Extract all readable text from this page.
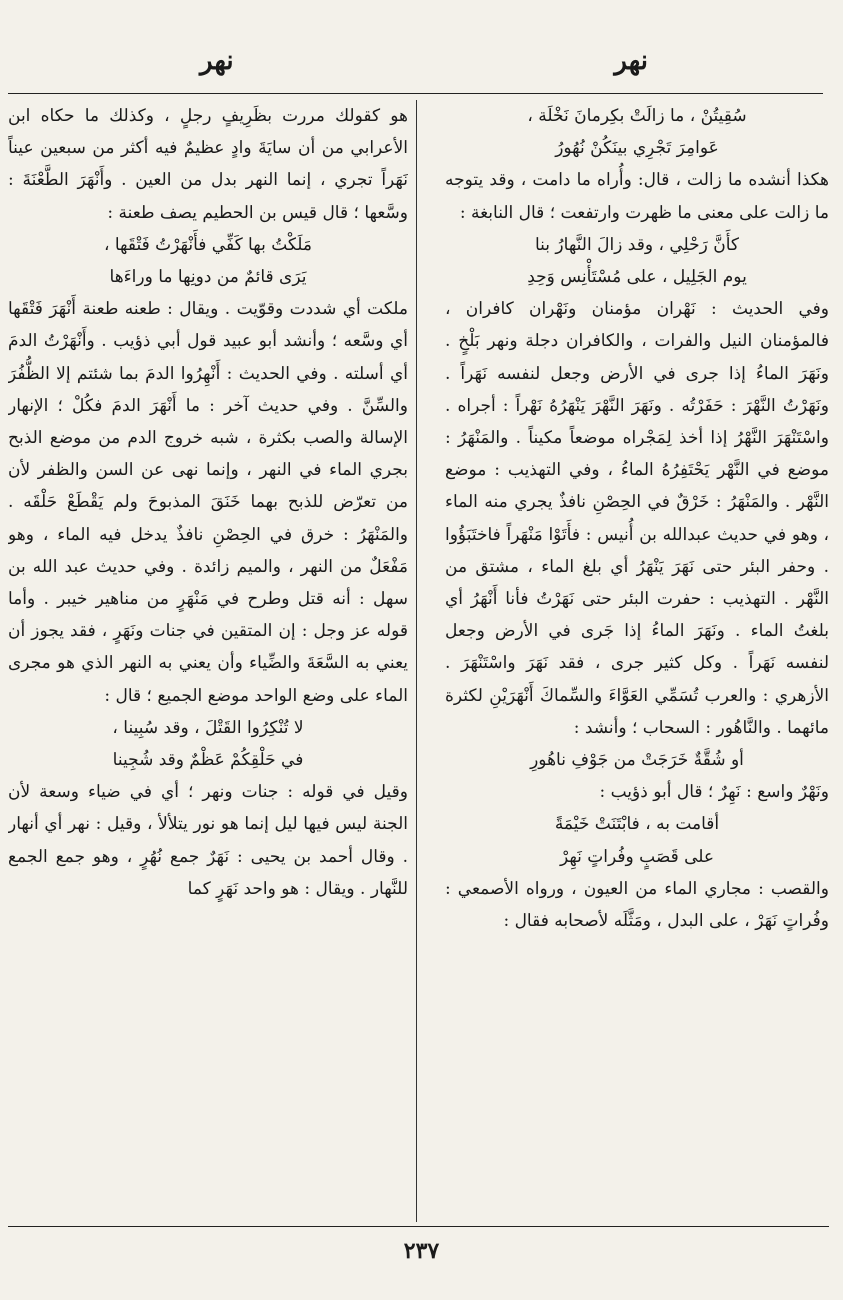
نهر
نهر

سُقِيتُنْ ، ما زالَتْ بكِرمانَ نَخْلَة ،

عَوامِرَ تَجْرِي بينَكُنْ نُهُورُ

هكذا أنشده ما زالت ، قال: وأُراه ما دامت ، وقد يتوجه ما زالت على معنى ما ظهرت وارتفعت ؛ قال النابغة :

كأَنَّ رَحْلِي ، وقد زالَ النَّهارُ بنا

يوم الجَلِيل ، على مُسْتَأْنِس وَحِدِ

وفي الحديث : نَهْران مؤمنان ونَهْران كافران ، فالمؤمنان النيل والفرات ، والكافران دجلة ونهر بَلْخٍ . ونَهَرَ الماءُ إذا جرى في الأرض وجعل لنفسه نَهَراً . ونَهَرْتُ النَّهْرَ : حَفَرْتُه . ونَهَرَ النَّهْرَ يَنْهَرُهُ نَهْراً : أجراه . واسْتَنْهَرَ النَّهْرُ إذا أخذ لِمَجْراه موضعاً مكيناً . والمَنْهَرُ : موضع في النَّهْر يَحْتَفِرُهُ الماءُ ، وفي التهذيب : موضع النَّهْر . والمَنْهَرُ : خَرْقٌ في الحِصْنِ نافذٌ يجري منه الماء ، وهو في حديث عبدالله بن أُنيس : فأَتَوْا مَنْهَراً فاختَبَؤُوا . وحفر البئر حتى نَهَرَ يَنْهَرُ أي بلغ الماء ، مشتق من النَّهْر . التهذيب : حفرت البئر حتى نَهَرْتُ فأنا أَنْهَرُ أي بلغتُ الماء . ونَهَرَ الماءُ إذا جَرى في الأرض وجعل لنفسه نَهَراً . وكل كثير جرى ، فقد نَهَرَ واسْتَنْهَرَ . الأزهري : والعرب تُسَمِّي العَوَّاءَ والسِّماكَ أَنْهَرَيْنِ لكثرة مائهما . والنَّاهُور : السحاب ؛ وأنشد :

أو شُقَّةٌ خَرَجَتْ من جَوْفِ ناهُورِ

ونَهْرٌ واسع : نَهِرٌ ؛ قال أبو ذؤيب :

أقامت به ، فابْتَنَتْ خَيْمَةً

على قَصَبٍ وفُراتٍ نَهِرْ

والقصب : مجاري الماء من العيون ، ورواه الأصمعي : وفُراتٍ نَهَرْ ، على البدل ، ومَثَّلَه لأصحابه فقال :

هو كقولك مررت بظَرِيفٍ رجلٍ ، وكذلك ما حكاه ابن الأعرابي من أن سايَةَ وادٍ عظيمٌ فيه أكثر من سبعين عيناً نَهَراً تجري ، إنما النهر بدل من العين . وأَنْهَرَ الطَّعْنَةَ : وسَّعها ؛ قال قيس بن الحطيم يصف طعنة :

مَلَكْتُ بها كَفِّي فأَنْهَرْتُ فَتْقَها ،

يَرَى قائمٌ من دونِها ما وراءَها

ملكت أي شددت وقوّيت . ويقال : طعنه طعنة أَنْهَرَ فَتْقَها أي وسَّعه ؛ وأنشد أبو عبيد قول أبي ذؤيب . وأَنْهَرْتُ الدمَ أي أسلته . وفي الحديث : أَنْهِرُوا الدمَ بما شئتم إلا الظُّفُرَ والسِّنَّ . وفي حديث آخر : ما أَنْهَرَ الدمَ فكُلْ ؛ الإنهار الإسالة والصب بكثرة ، شبه خروج الدم من موضع الذبح بجري الماء في النهر ، وإنما نهى عن السن والظفر لأن من تعرّض للذبح بهما خَنَقَ المذبوحَ ولم يَقْطَعْ حَلْقَه . والمَنْهَرُ : خرق في الحِصْنِ نافذٌ يدخل فيه الماء ، وهو مَفْعَلٌ من النهر ، والميم زائدة . وفي حديث عبد الله بن سهل : أنه قتل وطرح في مَنْهَرٍ من مناهير خيبر . وأما قوله عز وجل : إن المتقين في جنات ونَهَرٍ ، فقد يجوز أن يعني به السَّعَةَ والضِّياء وأن يعني به النهر الذي هو مجرى الماء على وضع الواحد موضع الجميع ؛ قال :

لا تُنْكِرُوا القَتْلَ ، وقد سُبِينا ،

في حَلْقِكُمْ عَظْمٌ وقد شُجِينا

وقيل في قوله : جنات ونهر ؛ أي في ضياء وسعة لأن الجنة ليس فيها ليل إنما هو نور يتلألأ ، وقيل : نهر أي أنهار . وقال أحمد بن يحيى : نَهَرٌ جمع نُهُرٍ ، وهو جمع الجمع للنَّهار . ويقال : هو واحد نَهَرٍ كما

٢٣٧
